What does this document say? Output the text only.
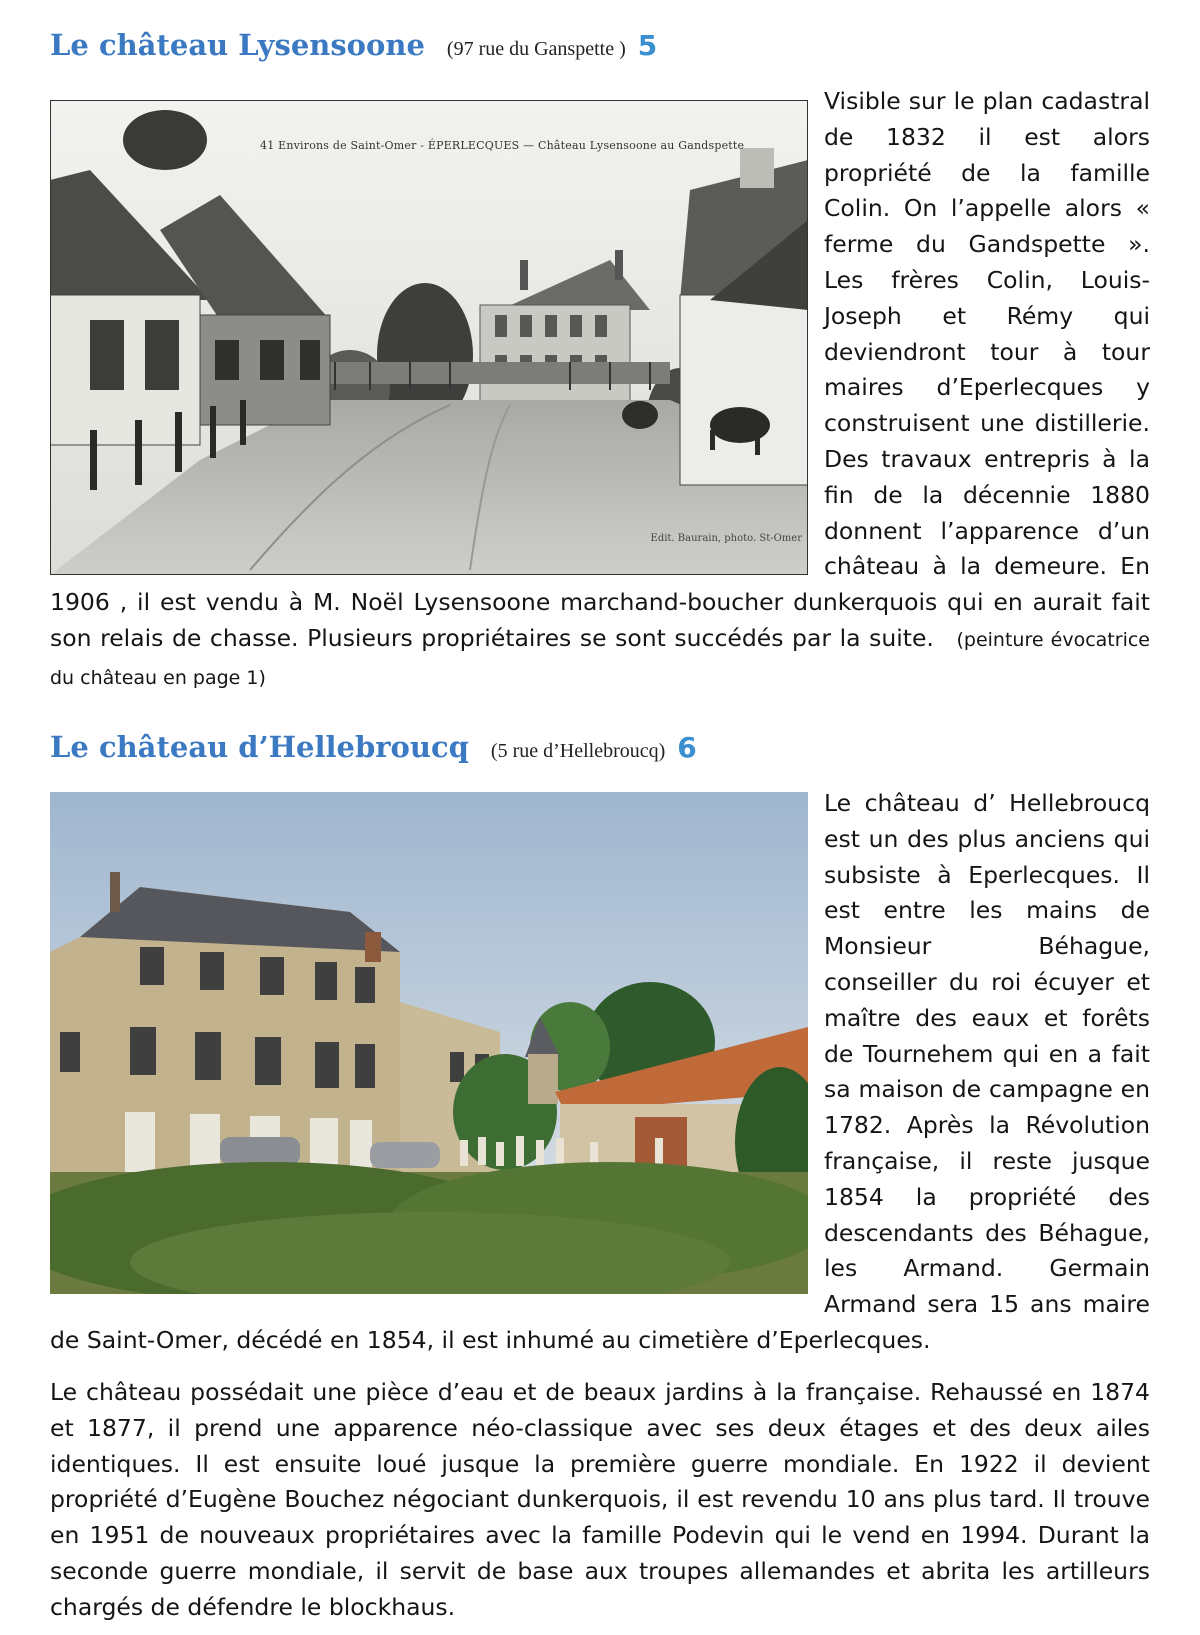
Le château Lysensoone (97 rue du Ganspette ) 5
41 Environs de Saint-Omer - ÉPERLECQUES — Château Lysensoone au Gandspette
Edit. Baurain, photo. St-Omer
Visible sur le plan cadastral de 1832 il est alors propriété de la famille Colin. On l’appelle alors « ferme du Gandspette ». Les frères Colin, Louis-Joseph et Rémy qui deviendront tour à tour maires d’Eperlecques y construisent une distillerie. Des travaux entrepris à la fin de la décennie 1880 donnent l’apparence d’un château à la demeure. En 1906 , il est vendu à M. Noël Lysensoone marchand-boucher dunkerquois qui en aurait fait son relais de chasse. Plusieurs propriétaires se sont succédés par la suite. (peinture évocatrice du château en page 1)
Le château d’Hellebroucq (5 rue d’Hellebroucq) 6
Le château d’ Hellebroucq est un des plus anciens qui subsiste à Eperlecques. Il est entre les mains de Monsieur Béhague, conseiller du roi écuyer et maître des eaux et forêts de Tournehem qui en a fait sa maison de campagne en 1782. Après la Révolution française, il reste jusque 1854 la propriété des descendants des Béhague, les Armand. Germain Armand sera 15 ans maire de Saint-Omer, décédé en 1854, il est inhumé au cimetière d’Eperlecques.
Le château possédait une pièce d’eau et de beaux jardins à la française. Rehaussé en 1874 et 1877, il prend une apparence néo-classique avec ses deux étages et des deux ailes identiques. Il est ensuite loué jusque la première guerre mondiale. En 1922 il devient propriété d’Eugène Bouchez négociant dunkerquois, il est revendu 10 ans plus tard. Il trouve en 1951 de nouveaux propriétaires avec la famille Podevin qui le vend en 1994. Durant la seconde guerre mondiale, il servit de base aux troupes allemandes et abrita les artilleurs chargés de défendre le blockhaus.
